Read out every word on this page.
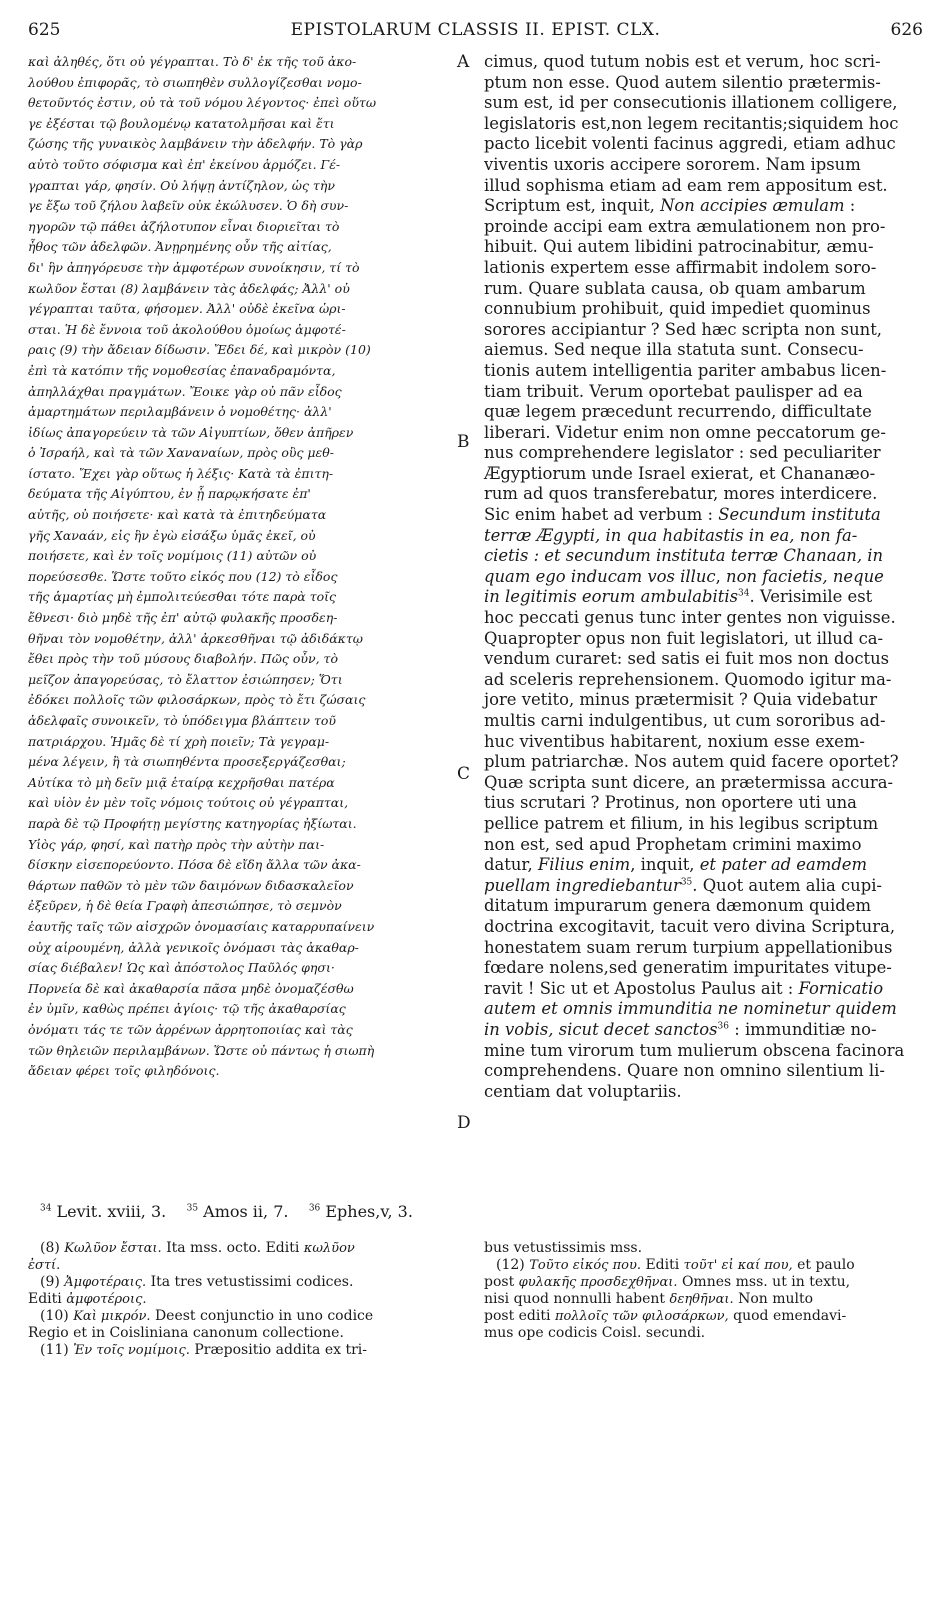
625	EPISTOLARUM CLASSIS II. EPIST. CLX.	626
A
B
C
D
καὶ ἀληθές, ὅτι οὐ γέγραπται. Τὸ δ' ἐκ τῆς τοῦ ἀκο-
λούθου ἐπιφορᾶς, τὸ σιωπηθὲν συλλογίζεσθαι νομο-
θετοῦντός ἐστιν, οὐ τὰ τοῦ νόμου λέγοντος· ἐπεὶ οὕτω
γε ἐξέσται τῷ βουλομένῳ κατατολμῆσαι καὶ ἔτι
ζώσης τῆς γυναικὸς λαμβάνειν τὴν ἀδελφήν. Τὸ γὰρ
αὐτὸ τοῦτο σόφισμα καὶ ἐπ' ἐκείνου ἁρμόζει. Γέ-
γραπται γάρ, φησίν. Οὐ λήψῃ ἀντίζηλον, ὡς τὴν
γε ἔξω τοῦ ζήλου λαβεῖν οὐκ ἐκώλυσεν. Ὁ δὴ συν-
ηγορῶν τῷ πάθει ἀζήλοτυπον εἶναι διοριεῖται τὸ
ἦθος τῶν ἀδελφῶν. Ἀνῃρημένης οὖν τῆς αἰτίας,
δι' ἣν ἀπηγόρευσε τὴν ἀμφοτέρων συνοίκησιν, τί τὸ
κωλῦον ἔσται (8) λαμβάνειν τὰς ἀδελφάς; Ἀλλ' οὐ
γέγραπται ταῦτα, φήσομεν. Ἀλλ' οὐδὲ ἐκεῖνα ὡρι-
σται. Ἡ δὲ ἔννοια τοῦ ἀκολούθου ὁμοίως ἀμφοτέ-
ραις (9) τὴν ἄδειαν δίδωσιν. Ἔδει δέ, καὶ μικρὸν (10)
ἐπὶ τὰ κατόπιν τῆς νομοθεσίας ἐπαναδραμόντα,
ἀπηλλάχθαι πραγμάτων. Ἔοικε γὰρ οὐ πᾶν εἶδος
ἁμαρτημάτων περιλαμβάνειν ὁ νομοθέτης· ἀλλ'
ἰδίως ἀπαγορεύειν τὰ τῶν Αἰγυπτίων, ὅθεν ἀπῆρεν
ὁ Ἰσραήλ, καὶ τὰ τῶν Χαναναίων, πρὸς οὓς μεθ-
ίστατο. Ἔχει γὰρ οὕτως ἡ λέξις· Κατὰ τὰ ἐπιτη-
δεύματα τῆς Αἰγύπτου, ἐν ᾗ παρῳκήσατε ἐπ'
αὐτῆς, οὐ ποιήσετε· καὶ κατὰ τὰ ἐπιτηδεύματα
γῆς Χαναάν, εἰς ἣν ἐγὼ εἰσάξω ὑμᾶς ἐκεῖ, οὐ
ποιήσετε, καὶ ἐν τοῖς νομίμοις (11) αὐτῶν οὐ
πορεύσεσθε. Ὥστε τοῦτο εἰκός που (12) τὸ εἶδος
τῆς ἁμαρτίας μὴ ἐμπολιτεύεσθαι τότε παρὰ τοῖς
ἔθνεσι· διὸ μηδὲ τῆς ἐπ' αὐτῷ φυλακῆς προσδεη-
θῆναι τὸν νομοθέτην, ἀλλ' ἀρκεσθῆναι τῷ ἀδιδάκτῳ
ἔθει πρὸς τὴν τοῦ μύσους διαβολήν. Πῶς οὖν, τὸ
μεῖζον ἀπαγορεύσας, τὸ ἔλαττον ἐσιώπησεν; Ὅτι
ἐδόκει πολλοῖς τῶν φιλοσάρκων, πρὸς τὸ ἔτι ζώσαις
ἀδελφαῖς συνοικεῖν, τὸ ὑπόδειγμα βλάπτειν τοῦ
πατριάρχου. Ἡμᾶς δὲ τί χρὴ ποιεῖν; Τὰ γεγραμ-
μένα λέγειν, ἢ τὰ σιωπηθέντα προσεξεργάζεσθαι;
Αὐτίκα τὸ μὴ δεῖν μιᾷ ἑταίρᾳ κεχρῆσθαι πατέρα
καὶ υἱὸν ἐν μὲν τοῖς νόμοις τούτοις οὐ γέγραπται,
παρὰ δὲ τῷ Προφήτῃ μεγίστης κατηγορίας ἠξίωται.
Υἱὸς γάρ, φησί, καὶ πατὴρ πρὸς τὴν αὐτὴν παι-
δίσκην εἰσεπορεύοντο. Πόσα δὲ εἴδη ἄλλα τῶν ἀκα-
θάρτων παθῶν τὸ μὲν τῶν δαιμόνων διδασκαλεῖον
ἐξεῦρεν, ἡ δὲ θεία Γραφὴ ἀπεσιώπησε, τὸ σεμνὸν
ἑαυτῆς ταῖς τῶν αἰσχρῶν ὀνομασίαις καταρρυπαίνειν
οὐχ αἱρουμένη, ἀλλὰ γενικοῖς ὀνόμασι τὰς ἀκαθαρ-
σίας διέβαλεν! Ὡς καὶ ἀπόστολος Παῦλός φησι·
Πορνεία δὲ καὶ ἀκαθαρσία πᾶσα μηδὲ ὀνομαζέσθω
ἐν ὑμῖν, καθὼς πρέπει ἁγίοις· τῷ τῆς ἀκαθαρσίας
ὀνόματι τάς τε τῶν ἀρρένων ἀρρητοποιίας καὶ τὰς
τῶν θηλειῶν περιλαμβάνων. Ὥστε οὐ πάντως ἡ σιωπὴ
ἄδειαν φέρει τοῖς φιληδόνοις.
cimus, quod tutum nobis est et verum, hoc scri-
ptum non esse. Quod autem silentio prætermis-
sum est, id per consecutionis illationem colligere,
legislatoris est,non legem recitantis;siquidem hoc
pacto licebit volenti facinus aggredi, etiam adhuc
viventis uxoris accipere sororem. Nam ipsum
illud sophisma etiam ad eam rem appositum est.
Scriptum est, inquit, Non accipies æmulam :
proinde accipi eam extra æmulationem non pro-
hibuit. Qui autem libidini patrocinabitur, æmu-
lationis expertem esse affirmabit indolem soro-
rum. Quare sublata causa, ob quam ambarum
connubium prohibuit, quid impediet quominus
sorores accipiantur ? Sed hæc scripta non sunt,
aiemus. Sed neque illa statuta sunt. Consecu-
tionis autem intelligentia pariter ambabus licen-
tiam tribuit. Verum oportebat paulisper ad ea
quæ legem præcedunt recurrendo, difficultate
liberari. Videtur enim non omne peccatorum ge-
nus comprehendere legislator : sed peculiariter
Ægyptiorum unde Israel exierat, et Chananæo-
rum ad quos transferebatur, mores interdicere.
Sic enim habet ad verbum : Secundum instituta
terræ Ægypti, in qua habitastis in ea, non fa-
cietis : et secundum instituta terræ Chanaan, in
quam ego inducam vos illuc, non facietis, neque
in legitimis eorum ambulabitis$^{34}$. Verisimile est
hoc peccati genus tunc inter gentes non viguisse.
Quapropter opus non fuit legislatori, ut illud ca-
vendum curaret: sed satis ei fuit mos non doctus
ad sceleris reprehensionem. Quomodo igitur ma-
jore vetito, minus prætermisit ? Quia videbatur
multis carni indulgentibus, ut cum sororibus ad-
huc viventibus habitarent, noxium esse exem-
plum patriarchæ. Nos autem quid facere oportet?
Quæ scripta sunt dicere, an prætermissa accura-
tius scrutari ? Protinus, non oportere uti una
pellice patrem et filium, in his legibus scriptum
non est, sed apud Prophetam crimini maximo
datur, Filius enim, inquit, et pater ad eamdem
puellam ingrediebantur$^{35}$. Quot autem alia cupi-
ditatum impurarum genera dæmonum quidem
doctrina excogitavit, tacuit vero divina Scriptura,
honestatem suam rerum turpium appellationibus
fœdare nolens,sed generatim impuritates vitupe-
ravit ! Sic ut et Apostolus Paulus ait : Fornicatio
autem et omnis immunditia ne nominetur quidem
in vobis, sicut decet sanctos$^{36}$ : immunditiæ no-
mine tum virorum tum mulierum obscena facinora
comprehendens. Quare non omnino silentium li-
centiam dat voluptariis.
$^{34}$ Levit. xviii, 3. $^{35}$ Amos ii, 7. $^{36}$ Ephes,v, 3.
(8) Κωλῦον ἔσται. Ita mss. octo. Editi κωλῦον
ἐστί.
(9) Ἀμφοτέραις. Ita tres vetustissimi codices.
Editi ἀμφοτέροις.
(10) Καὶ μικρόν. Deest conjunctio in uno codice
Regio et in Coisliniana canonum collectione.
(11) Ἐν τοῖς νομίμοις. Præpositio addita ex tri-
bus vetustissimis mss.
(12) Τοῦτο εἰκός που. Editi τοῦτ' εἰ καί που, et paulo
post φυλακῆς προσδεχθῆναι. Omnes mss. ut in textu,
nisi quod nonnulli habent δεηθῆναι. Non multo
post editi πολλοῖς τῶν φιλοσάρκων, quod emendavi-
mus ope codicis Coisl. secundi.
